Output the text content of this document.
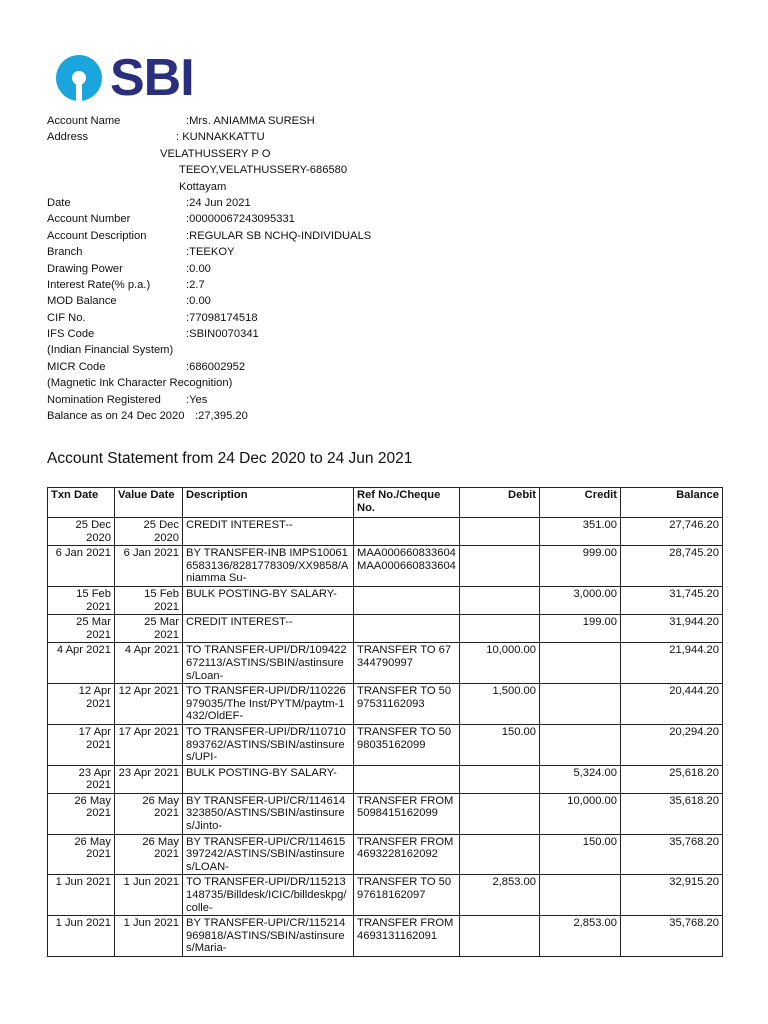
SBI
Account Name	:Mrs. ANIAMMA SURESH
Address	: KUNNAKKATTU
VELATHUSSERY P O
TEEOY,VELATHUSSERY-686580
Kottayam
Date	:24 Jun 2021
Account Number	:00000067243095331
Account Description	:REGULAR SB NCHQ-INDIVIDUALS
Branch	:TEEKOY
Drawing Power	:0.00
Interest Rate(% p.a.)	:2.7
MOD Balance	:0.00
CIF No.	:77098174518
IFS Code	:SBIN0070341
(Indian Financial System)
MICR Code	:686002952
(Magnetic Ink Character Recognition)
Nomination Registered :Yes
Balance as on 24 Dec 2020 :27,395.20
Account Statement from 24 Dec 2020 to 24 Jun 2021
Txn Date	Value Date	Description	Ref No./Cheque No.	Debit	Credit	Balance
25 Dec 2020	25 Dec 2020	CREDIT INTEREST--			351.00	27,746.20
6 Jan 2021	6 Jan 2021	BY TRANSFER-INB IMPS100616583136/8281778309/XX9858/Aniamma Su-	MAA000660833604 MAA000660833604		999.00	28,745.20
15 Feb 2021	15 Feb 2021	BULK POSTING-BY SALARY-			3,000.00	31,745.20
25 Mar 2021	25 Mar 2021	CREDIT INTEREST--			199.00	31,944.20
4 Apr 2021	4 Apr 2021	TO TRANSFER-UPI/DR/109422672113/ASTINS/SBIN/astinsures/Loan-	TRANSFER TO 67344790997	10,000.00		21,944.20
12 Apr 2021	12 Apr 2021	TO TRANSFER-UPI/DR/110226979035/The Inst/PYTM/paytm-1432/OldEF-	TRANSFER TO 5097531162093	1,500.00		20,444.20
17 Apr 2021	17 Apr 2021	TO TRANSFER-UPI/DR/110710893762/ASTINS/SBIN/astinsures/UPI-	TRANSFER TO 5098035162099	150.00		20,294.20
23 Apr 2021	23 Apr 2021	BULK POSTING-BY SALARY-			5,324.00	25,618.20
26 May 2021	26 May 2021	BY TRANSFER-UPI/CR/114614323850/ASTINS/SBIN/astinsures/Jinto-	TRANSFER FROM 5098415162099		10,000.00	35,618.20
26 May 2021	26 May 2021	BY TRANSFER-UPI/CR/114615397242/ASTINS/SBIN/astinsures/LOAN-	TRANSFER FROM 4693228162092		150.00	35,768.20
1 Jun 2021	1 Jun 2021	TO TRANSFER-UPI/DR/115213148735/Billdesk/ICIC/billdeskpg/colle-	TRANSFER TO 5097618162097	2,853.00		32,915.20
1 Jun 2021	1 Jun 2021	BY TRANSFER-UPI/CR/115214969818/ASTINS/SBIN/astinsures/Maria-	TRANSFER FROM 4693131162091		2,853.00	35,768.20
